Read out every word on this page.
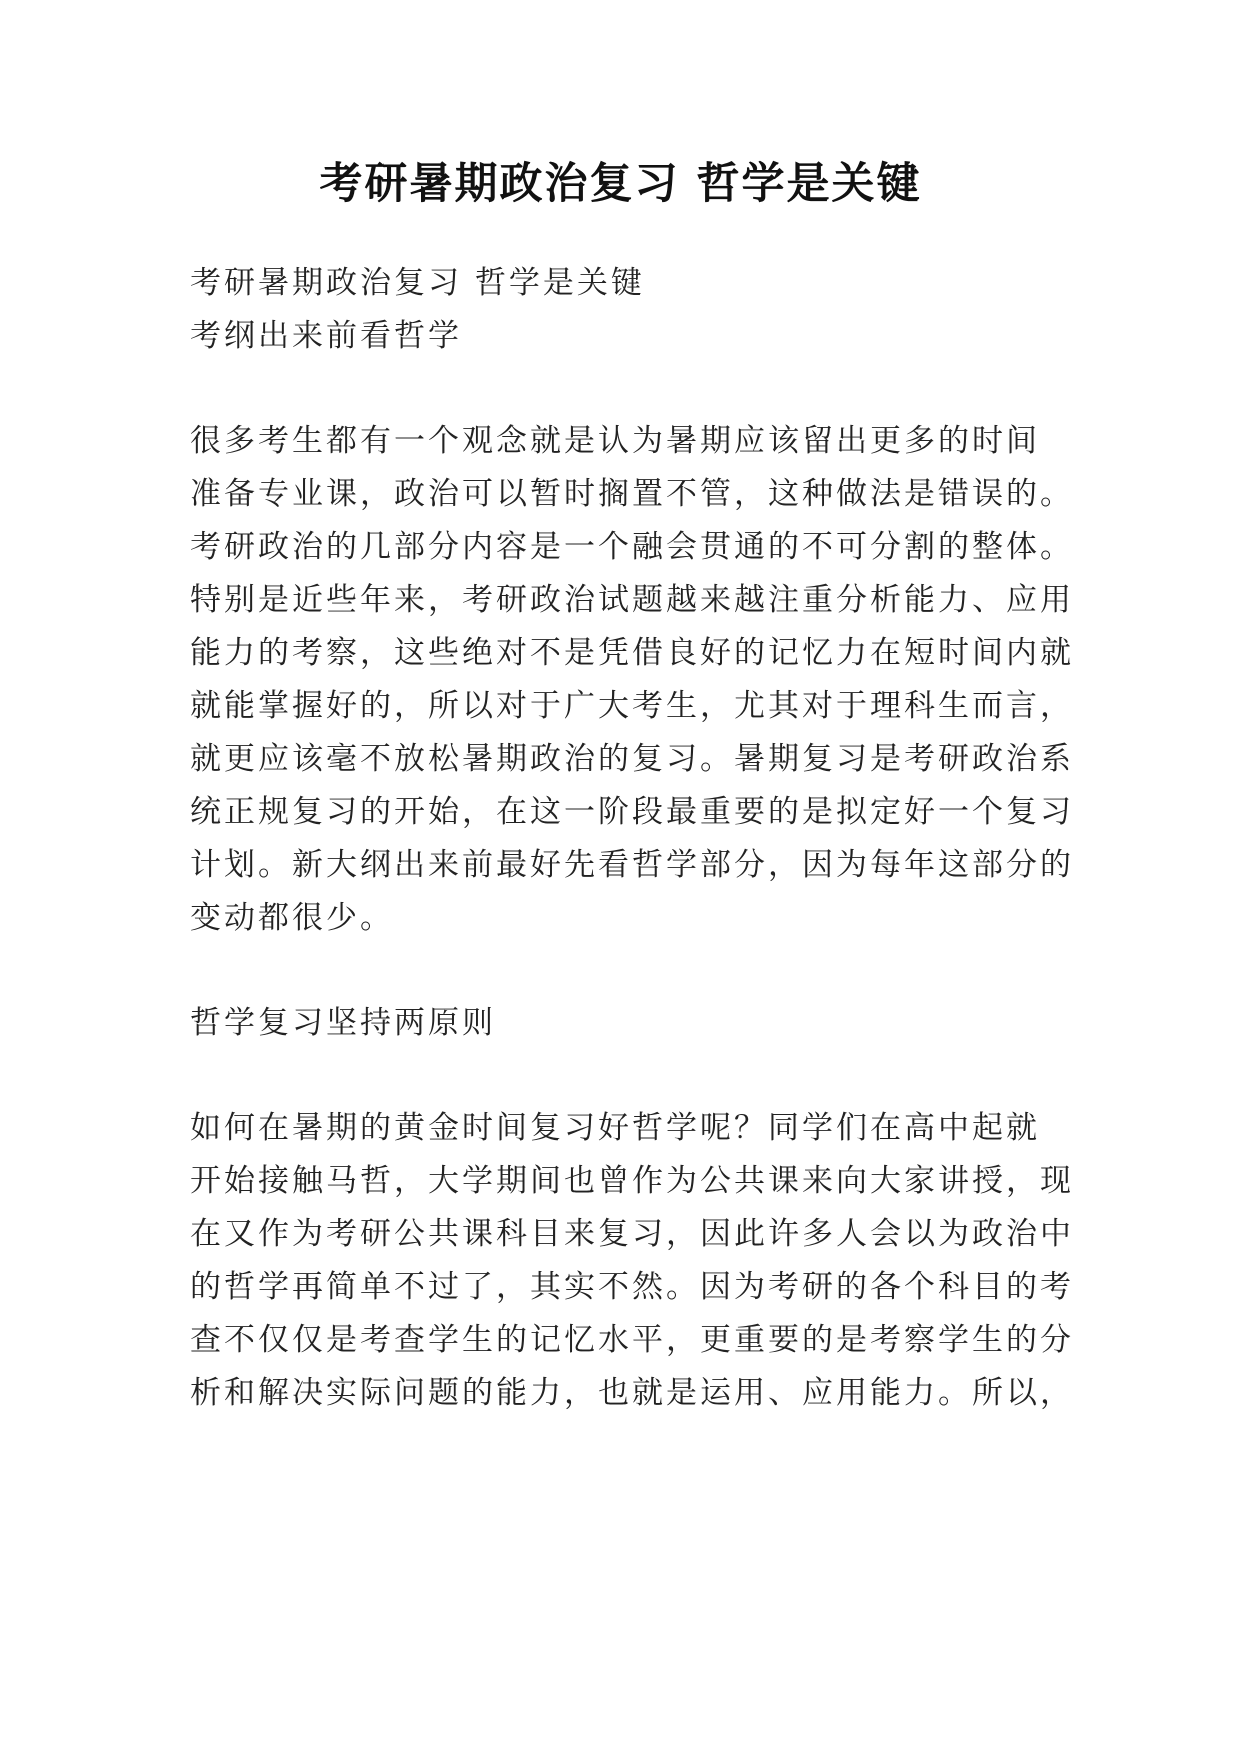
考研暑期政治复习 哲学是关键

考研暑期政治复习 哲学是关键

考纲出来前看哲学

很多考生都有一个观念就是认为暑期应该留出更多的时间

准备专业课，政治可以暂时搁置不管，这种做法是错误的。

考研政治的几部分内容是一个融会贯通的不可分割的整体。

特别是近些年来，考研政治试题越来越注重分析能力、应用

能力的考察，这些绝对不是凭借良好的记忆力在短时间内就

就能掌握好的，所以对于广大考生，尤其对于理科生而言，

就更应该毫不放松暑期政治的复习。暑期复习是考研政治系

统正规复习的开始，在这一阶段最重要的是拟定好一个复习

计划。新大纲出来前最好先看哲学部分，因为每年这部分的

变动都很少。

哲学复习坚持两原则

如何在暑期的黄金时间复习好哲学呢？同学们在高中起就

开始接触马哲，大学期间也曾作为公共课来向大家讲授，现

在又作为考研公共课科目来复习，因此许多人会以为政治中

的哲学再简单不过了，其实不然。因为考研的各个科目的考

查不仅仅是考查学生的记忆水平，更重要的是考察学生的分

析和解决实际问题的能力，也就是运用、应用能力。所以，
